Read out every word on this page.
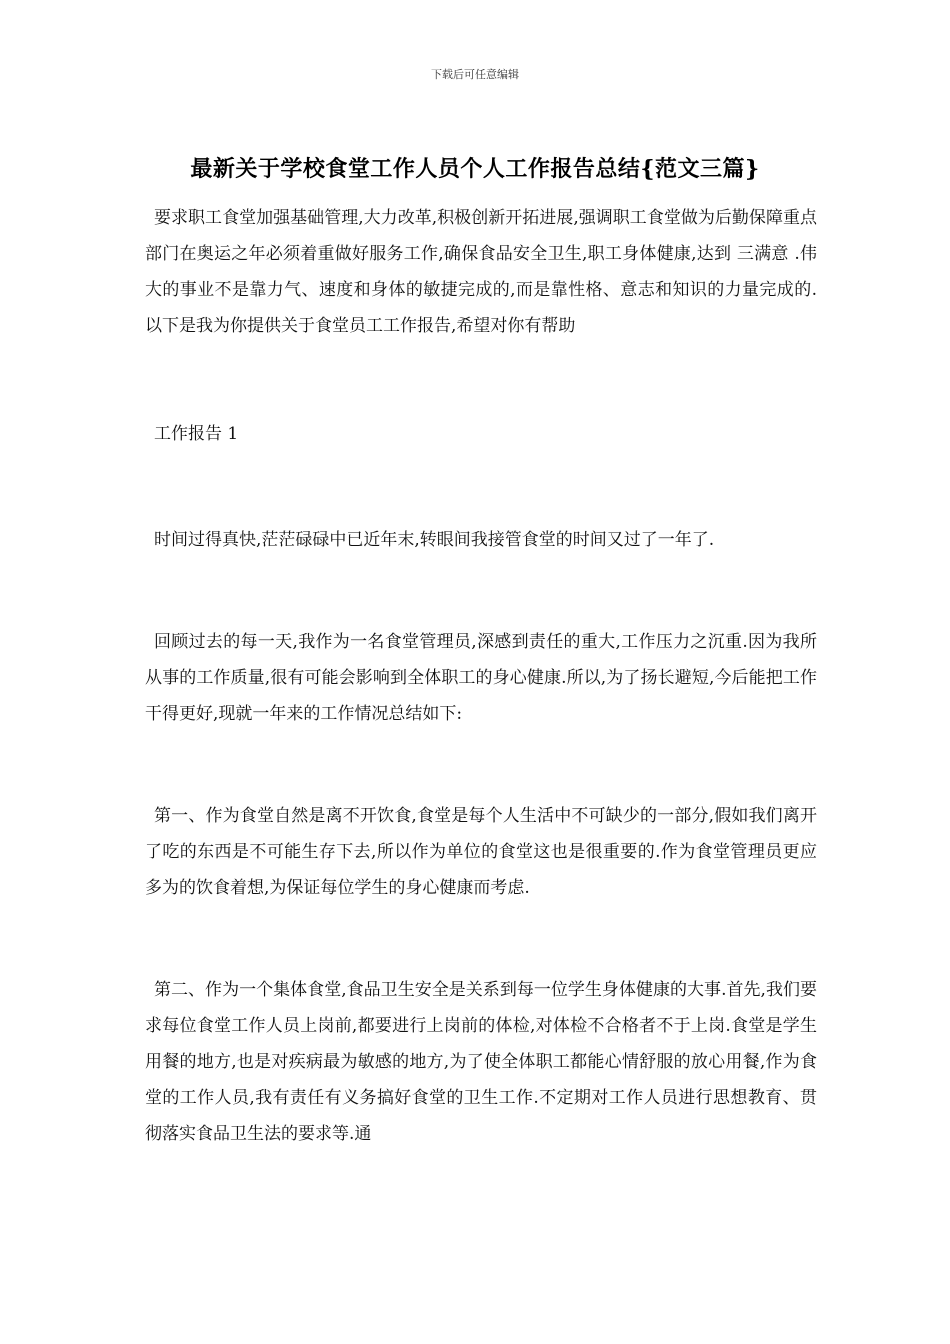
下载后可任意编辑
最新关于学校食堂工作人员个人工作报告总结{范文三篇}

要求职工食堂加强基础管理,大力改革,积极创新开拓进展,强调职工食堂做为后勤保障重点部门在奥运之年必须着重做好服务工作,确保食品安全卫生,职工身体健康,达到 三满意 .伟大的事业不是靠力气、速度和身体的敏捷完成的,而是靠性格、意志和知识的力量完成的.以下是我为你提供关于食堂员工工作报告,希望对你有帮助

工作报告 1

时间过得真快,茫茫碌碌中已近年末,转眼间我接管食堂的时间又过了一年了.

回顾过去的每一天,我作为一名食堂管理员,深感到责任的重大,工作压力之沉重.因为我所从事的工作质量,很有可能会影响到全体职工的身心健康.所以,为了扬长避短,今后能把工作干得更好,现就一年来的工作情况总结如下:

第一、作为食堂自然是离不开饮食,食堂是每个人生活中不可缺少的一部分,假如我们离开了吃的东西是不可能生存下去,所以作为单位的食堂这也是很重要的.作为食堂管理员更应多为的饮食着想,为保证每位学生的身心健康而考虑.

第二、作为一个集体食堂,食品卫生安全是关系到每一位学生身体健康的大事.首先,我们要求每位食堂工作人员上岗前,都要进行上岗前的体检,对体检不合格者不于上岗.食堂是学生用餐的地方,也是对疾病最为敏感的地方,为了使全体职工都能心情舒服的放心用餐,作为食堂的工作人员,我有责任有义务搞好食堂的卫生工作.不定期对工作人员进行思想教育、贯彻落实食品卫生法的要求等.通
